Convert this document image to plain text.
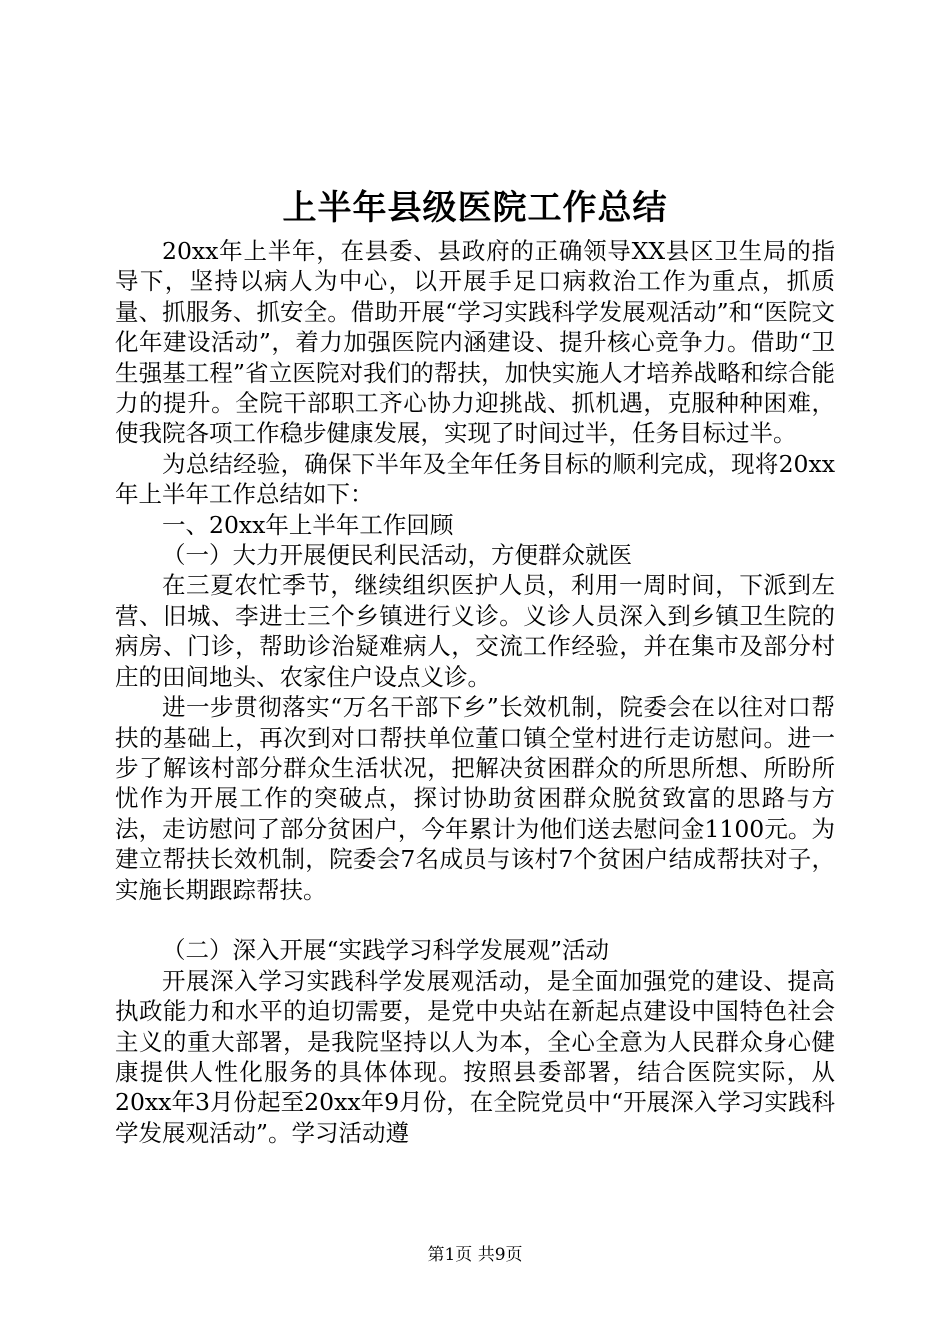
上半年县级医院工作总结

20xx年上半年，在县委、县政府的正确领导XX县区卫生局的指导下，坚持以病人为中心，以开展手足口病救治工作为重点，抓质量、抓服务、抓安全。借助开展“学习实践科学发展观活动”和“医院文化年建设活动”，着力加强医院内涵建设、提升核心竞争力。借助“卫生强基工程”省立医院对我们的帮扶，加快实施人才培养战略和综合能力的提升。全院干部职工齐心协力迎挑战、抓机遇，克服种种困难，使我院各项工作稳步健康发展，实现了时间过半，任务目标过半。

为总结经验，确保下半年及全年任务目标的顺利完成，现将20xx年上半年工作总结如下：

一、20xx年上半年工作回顾

（一）大力开展便民利民活动，方便群众就医

在三夏农忙季节，继续组织医护人员，利用一周时间，下派到左营、旧城、李进士三个乡镇进行义诊。义诊人员深入到乡镇卫生院的病房、门诊，帮助诊治疑难病人，交流工作经验，并在集市及部分村庄的田间地头、农家住户设点义诊。

进一步贯彻落实“万名干部下乡”长效机制，院委会在以往对口帮扶的基础上，再次到对口帮扶单位董口镇仝堂村进行走访慰问。进一步了解该村部分群众生活状况，把解决贫困群众的所思所想、所盼所忧作为开展工作的突破点，探讨协助贫困群众脱贫致富的思路与方法，走访慰问了部分贫困户，今年累计为他们送去慰问金1100元。为建立帮扶长效机制，院委会7名成员与该村7个贫困户结成帮扶对子，实施长期跟踪帮扶。

（二）深入开展“实践学习科学发展观”活动

开展深入学习实践科学发展观活动，是全面加强党的建设、提高执政能力和水平的迫切需要，是党中央站在新起点建设中国特色社会主义的重大部署，是我院坚持以人为本，全心全意为人民群众身心健康提供人性化服务的具体体现。按照县委部署，结合医院实际，从20xx年3月份起至20xx年9月份，在全院党员中“开展深入学习实践科学发展观活动”。学习活动遵

第1页 共9页
